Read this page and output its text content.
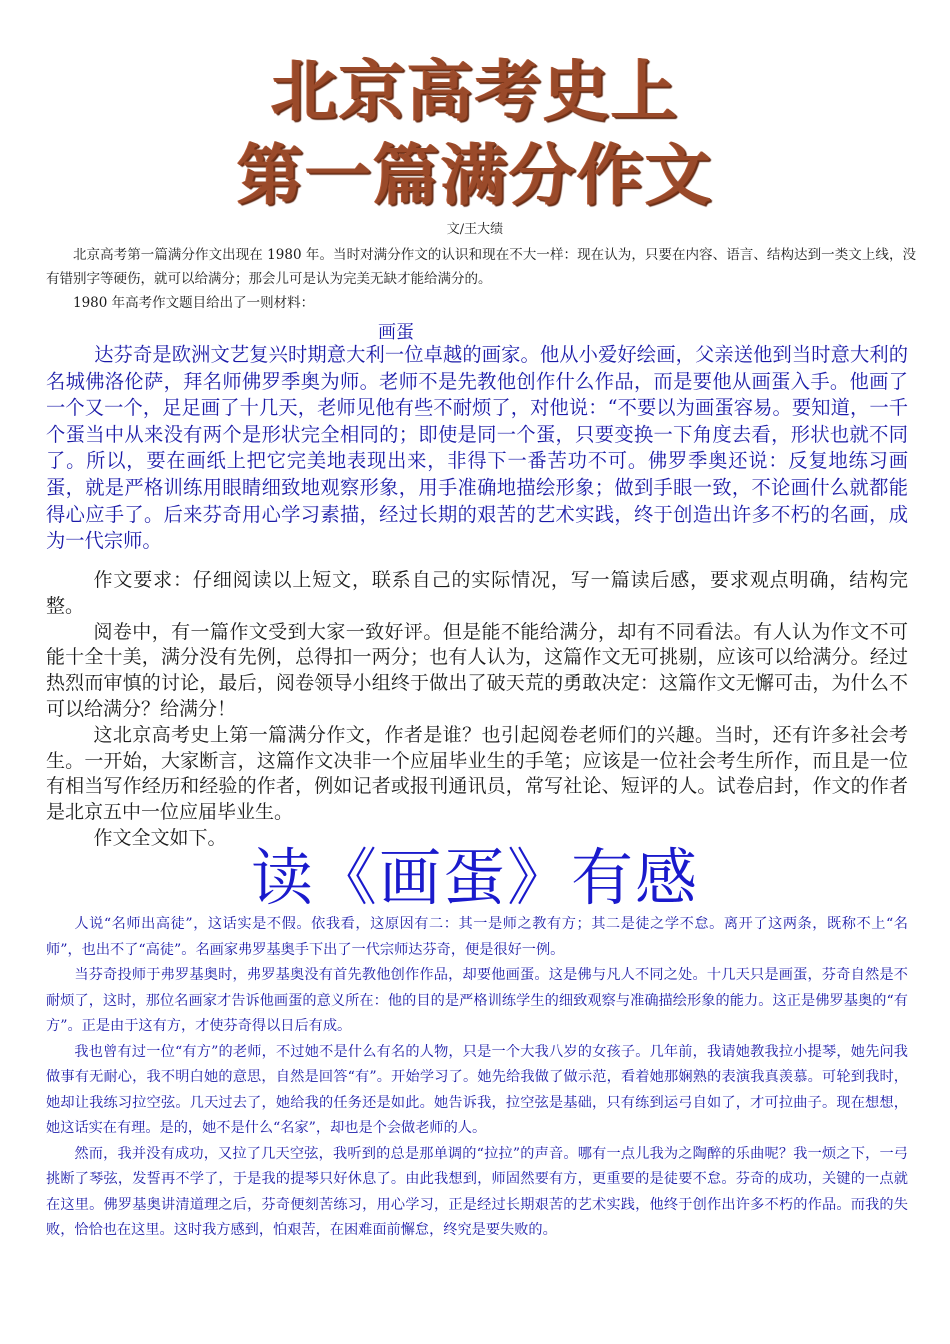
北京高考史上
第一篇满分作文
文/王大绩

北京高考第一篇满分作文出现在 1980 年。当时对满分作文的认识和现在不大一样：现在认为，只要在内容、语言、结构达到一类文上线，没有错别字等硬伤，就可以给满分；那会儿可是认为完美无缺才能给满分的。

1980 年高考作文题目给出了一则材料：

画蛋

达芬奇是欧洲文艺复兴时期意大利一位卓越的画家。他从小爱好绘画，父亲送他到当时意大利的名城佛洛伦萨，拜名师佛罗季奥为师。老师不是先教他创作什么作品，而是要他从画蛋入手。他画了一个又一个，足足画了十几天，老师见他有些不耐烦了，对他说：“不要以为画蛋容易。要知道，一千个蛋当中从来没有两个是形状完全相同的；即使是同一个蛋，只要变换一下角度去看，形状也就不同了。所以，要在画纸上把它完美地表现出来，非得下一番苦功不可。佛罗季奥还说：反复地练习画蛋，就是严格训练用眼睛细致地观察形象，用手准确地描绘形象；做到手眼一致，不论画什么就都能得心应手了。后来芬奇用心学习素描，经过长期的艰苦的艺术实践，终于创造出许多不朽的名画，成为一代宗师。

作文要求：仔细阅读以上短文，联系自己的实际情况，写一篇读后感，要求观点明确，结构完整。

阅卷中，有一篇作文受到大家一致好评。但是能不能给满分，却有不同看法。有人认为作文不可能十全十美，满分没有先例，总得扣一两分；也有人认为，这篇作文无可挑剔，应该可以给满分。经过热烈而审慎的讨论，最后，阅卷领导小组终于做出了破天荒的勇敢决定：这篇作文无懈可击，为什么不可以给满分？给满分！

这北京高考史上第一篇满分作文，作者是谁？也引起阅卷老师们的兴趣。当时，还有许多社会考生。一开始，大家断言，这篇作文决非一个应届毕业生的手笔；应该是一位社会考生所作，而且是一位有相当写作经历和经验的作者，例如记者或报刊通讯员，常写社论、短评的人。试卷启封，作文的作者是北京五中一位应届毕业生。

作文全文如下。

读《画蛋》有感

人说“名师出高徒”，这话实是不假。依我看，这原因有二：其一是师之教有方；其二是徒之学不怠。离开了这两条，既称不上“名师”，也出不了“高徒”。名画家弗罗基奥手下出了一代宗师达芬奇，便是很好一例。

当芬奇投师于弗罗基奥时，弗罗基奥没有首先教他创作作品，却要他画蛋。这是佛与凡人不同之处。十几天只是画蛋，芬奇自然是不耐烦了，这时，那位名画家才告诉他画蛋的意义所在：他的目的是严格训练学生的细致观察与准确描绘形象的能力。这正是佛罗基奥的“有方”。正是由于这有方，才使芬奇得以日后有成。

我也曾有过一位“有方”的老师，不过她不是什么有名的人物，只是一个大我八岁的女孩子。几年前，我请她教我拉小提琴，她先问我做事有无耐心，我不明白她的意思，自然是回答“有”。开始学习了。她先给我做了做示范，看着她那娴熟的表演我真羡慕。可轮到我时，她却让我练习拉空弦。几天过去了，她给我的任务还是如此。她告诉我，拉空弦是基础，只有练到运弓自如了，才可拉曲子。现在想想，她这话实在有理。是的，她不是什么“名家”，却也是个会做老师的人。

然而，我并没有成功，又拉了几天空弦，我听到的总是那单调的“拉拉”的声音。哪有一点儿我为之陶醉的乐曲呢？我一烦之下，一弓挑断了琴弦，发誓再不学了，于是我的提琴只好休息了。由此我想到，师固然要有方，更重要的是徒要不怠。芬奇的成功，关键的一点就在这里。佛罗基奥讲清道理之后，芬奇便刻苦练习，用心学习，正是经过长期艰苦的艺术实践，他终于创作出许多不朽的作品。而我的失败，恰恰也在这里。这时我方感到，怕艰苦，在困难面前懈怠，终究是要失败的。
